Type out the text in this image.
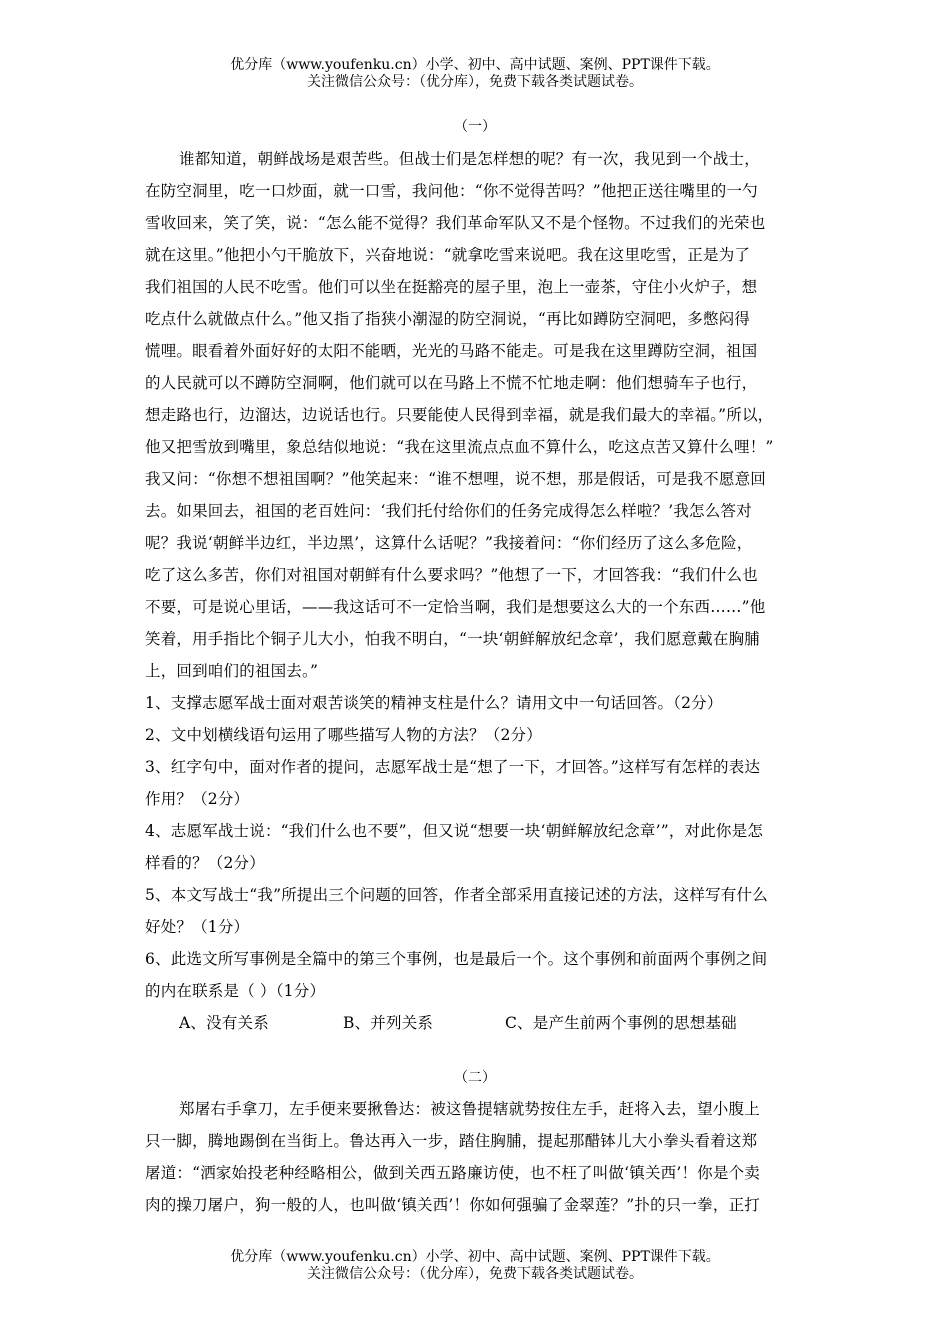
优分库（www.youfenku.cn）小学、初中、高中试题、案例、PPT课件下载。
关注微信公众号：（优分库），免费下载各类试题试卷。
（一）
谁都知道，朝鲜战场是艰苦些。但战士们是怎样想的呢？有一次，我见到一个战士，
在防空洞里，吃一口炒面，就一口雪，我问他：“你不觉得苦吗？”他把正送往嘴里的一勺
雪收回来，笑了笑，说：“怎么能不觉得？我们革命军队又不是个怪物。不过我们的光荣也
就在这里。”他把小勺干脆放下，兴奋地说：“就拿吃雪来说吧。我在这里吃雪，正是为了
我们祖国的人民不吃雪。他们可以坐在挺豁亮的屋子里，泡上一壶茶，守住小火炉子，想
吃点什么就做点什么。”他又指了指狭小潮湿的防空洞说，“再比如蹲防空洞吧，多憋闷得
慌哩。眼看着外面好好的太阳不能晒，光光的马路不能走。可是我在这里蹲防空洞，祖国
的人民就可以不蹲防空洞啊，他们就可以在马路上不慌不忙地走啊：他们想骑车子也行，
想走路也行，边溜达，边说话也行。只要能使人民得到幸福，就是我们最大的幸福。”所以，
他又把雪放到嘴里，象总结似地说：“我在这里流点点血不算什么，吃这点苦又算什么哩！”
我又问：“你想不想祖国啊？”他笑起来：“谁不想哩，说不想，那是假话，可是我不愿意回
去。如果回去，祖国的老百姓问：‘我们托付给你们的任务完成得怎么样啦？’我怎么答对
呢？我说‘朝鲜半边红，半边黑’，这算什么话呢？”我接着问：“你们经历了这么多危险，
吃了这么多苦，你们对祖国对朝鲜有什么要求吗？”他想了一下，才回答我：“我们什么也
不要，可是说心里话，——我这话可不一定恰当啊，我们是想要这么大的一个东西……”他
笑着，用手指比个铜子儿大小，怕我不明白，“一块‘朝鲜解放纪念章’，我们愿意戴在胸脯
上，回到咱们的祖国去。”
1、支撑志愿军战士面对艰苦谈笑的精神支柱是什么？请用文中一句话回答。（2分）
2、文中划横线语句运用了哪些描写人物的方法？（2分）
3、红字句中，面对作者的提问，志愿军战士是“想了一下，才回答。”这样写有怎样的表达
作用？（2分）
4、志愿军战士说：“我们什么也不要”，但又说“想要一块‘朝鲜解放纪念章’”，对此你是怎
样看的？（2分）
5、本文写战士“我”所提出三个问题的回答，作者全部采用直接记述的方法，这样写有什么
好处？（1分）
6、此选文所写事例是全篇中的第三个事例，也是最后一个。这个事例和前面两个事例之间
的内在联系是（ ）（1分）
A、没有关系	B、并列关系	C、是产生前两个事例的思想基础
（二）
郑屠右手拿刀，左手便来要揪鲁达：被这鲁提辖就势按住左手，赶将入去，望小腹上
只一脚，腾地踢倒在当街上。鲁达再入一步，踏住胸脯，提起那醋钵儿大小拳头看着这郑
屠道：“洒家始投老种经略相公，做到关西五路廉访使，也不枉了叫做‘镇关西’！你是个卖
肉的操刀屠户，狗一般的人，也叫做‘镇关西’！你如何强骗了金翠莲？”扑的只一拳，正打
优分库（www.youfenku.cn）小学、初中、高中试题、案例、PPT课件下载。
关注微信公众号：（优分库），免费下载各类试题试卷。
